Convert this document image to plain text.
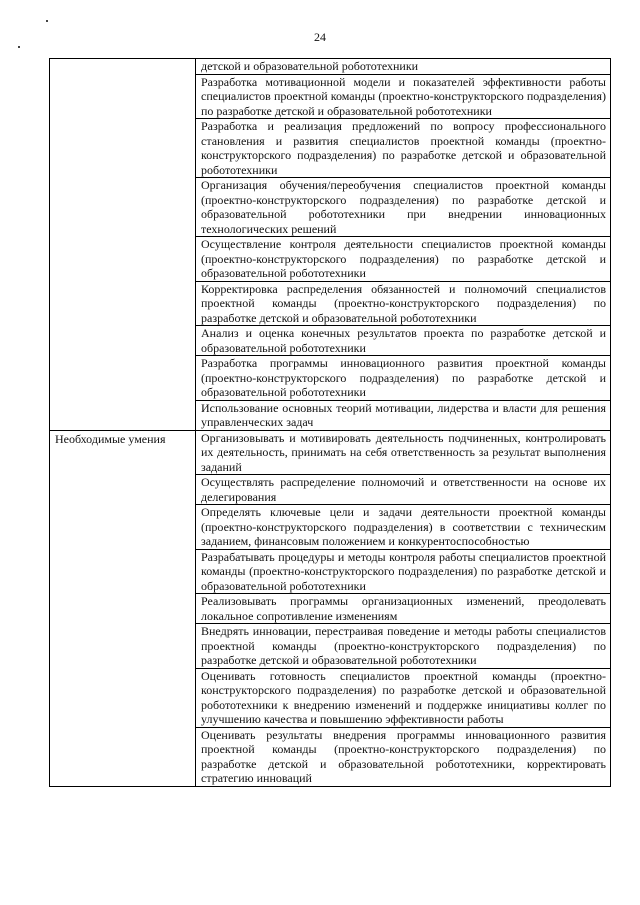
24
	детской и образовательной робототехники
	Разработка мотивационной модели и показателей эффективности работы специалистов проектной команды (проектно-конструкторского подразделения) по разработке детской и образовательной робототехники
	Разработка и реализация предложений по вопросу профессионального становления и развития специалистов проектной команды (проектно-конструкторского подразделения) по разработке детской и образовательной робототехники
	Организация обучения/переобучения специалистов проектной команды (проектно-конструкторского подразделения) по разработке детской и образовательной робототехники при внедрении инновационных технологических решений
	Осуществление контроля деятельности специалистов проектной команды (проектно-конструкторского подразделения) по разработке детской и образовательной робототехники
	Корректировка распределения обязанностей и полномочий специалистов проектной команды (проектно-конструкторского подразделения) по разработке детской и образовательной робототехники
	Анализ и оценка конечных результатов проекта по разработке детской и образовательной робототехники
	Разработка программы инновационного развития проектной команды (проектно-конструкторского подразделения) по разработке детской и образовательной робототехники
	Использование основных теорий мотивации, лидерства и власти для решения управленческих задач

Необходимые умения	Организовывать и мотивировать деятельность подчиненных, контролировать их деятельность, принимать на себя ответственность за результат выполнения заданий
	Осуществлять распределение полномочий и ответственности на основе их делегирования
	Определять ключевые цели и задачи деятельности проектной команды (проектно-конструкторского подразделения) в соответствии с техническим заданием, финансовым положением и конкурентоспособностью
	Разрабатывать процедуры и методы контроля работы специалистов проектной команды (проектно-конструкторского подразделения) по разработке детской и образовательной робототехники
	Реализовывать программы организационных изменений, преодолевать локальное сопротивление изменениям
	Внедрять инновации, перестраивая поведение и методы работы специалистов проектной команды (проектно-конструкторского подразделения) по разработке детской и образовательной робототехники
	Оценивать готовность специалистов проектной команды (проектно-конструкторского подразделения) по разработке детской и образовательной робототехники к внедрению изменений и поддержке инициативы коллег по улучшению качества и повышению эффективности работы
	Оценивать результаты внедрения программы инновационного развития проектной команды (проектно-конструкторского подразделения) по разработке детской и образовательной робототехники, корректировать стратегию инноваций
